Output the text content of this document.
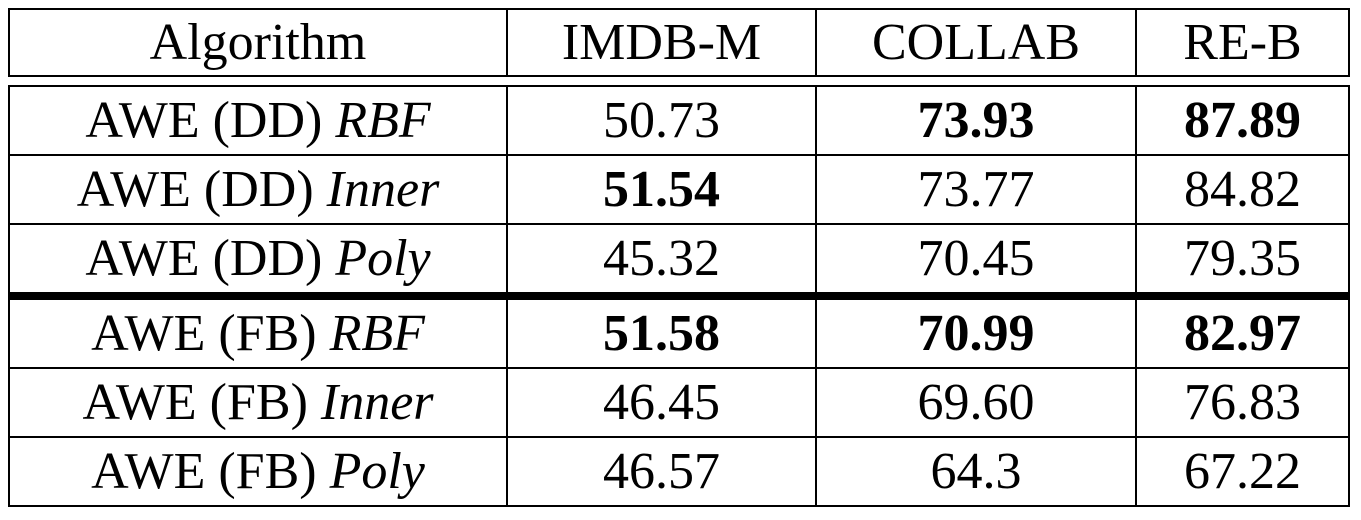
Algorithm	IMDB-M	COLLAB	RE-B

AWE (DD) RBF	50.73	73.93	87.89
AWE (DD) Inner	51.54	73.77	84.82
AWE (DD) Poly	45.32	70.45	79.35
AWE (FB) RBF	51.58	70.99	82.97
AWE (FB) Inner	46.45	69.60	76.83
AWE (FB) Poly	46.57	64.3	67.22
